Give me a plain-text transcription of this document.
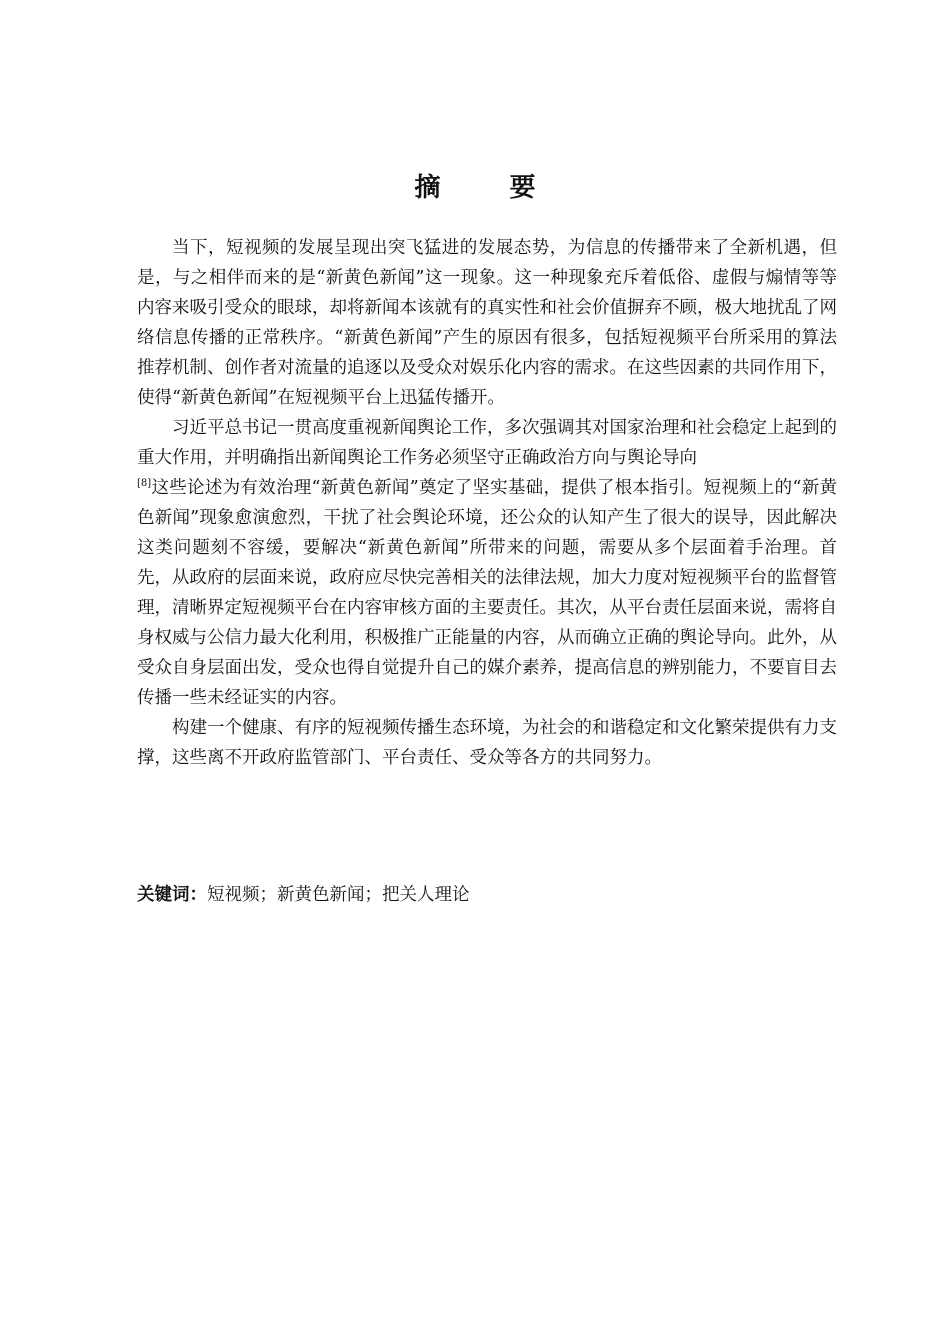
摘 要

当下，短视频的发展呈现出突飞猛进的发展态势，为信息的传播带来了全新机遇，但是，与之相伴而来的是“新黄色新闻”这一现象。这一种现象充斥着低俗、虚假与煽情等等内容来吸引受众的眼球，却将新闻本该就有的真实性和社会价值摒弃不顾，极大地扰乱了网络信息传播的正常秩序。“新黄色新闻”产生的原因有很多，包括短视频平台所采用的算法推荐机制、创作者对流量的追逐以及受众对娱乐化内容的需求。在这些因素的共同作用下，使得“新黄色新闻”在短视频平台上迅猛传播开。

习近平总书记一贯高度重视新闻舆论工作，多次强调其对国家治理和社会稳定上起到的重大作用，并明确指出新闻舆论工作务必须坚守正确政治方向与舆论导向
[8]这些论述为有效治理“新黄色新闻”奠定了坚实基础，提供了根本指引。短视频上的“新黄色新闻”现象愈演愈烈，干扰了社会舆论环境，还公众的认知产生了很大的误导，因此解决这类问题刻不容缓，要解决“新黄色新闻”所带来的问题，需要从多个层面着手治理。首先，从政府的层面来说，政府应尽快完善相关的法律法规，加大力度对短视频平台的监督管理，清晰界定短视频平台在内容审核方面的主要责任。其次，从平台责任层面来说，需将自身权威与公信力最大化利用，积极推广正能量的内容，从而确立正确的舆论导向。此外，从受众自身层面出发，受众也得自觉提升自己的媒介素养，提高信息的辨别能力，不要盲目去传播一些未经证实的内容。

构建一个健康、有序的短视频传播生态环境，为社会的和谐稳定和文化繁荣提供有力支撑，这些离不开政府监管部门、平台责任、受众等各方的共同努力。

关键词：短视频；新黄色新闻；把关人理论
